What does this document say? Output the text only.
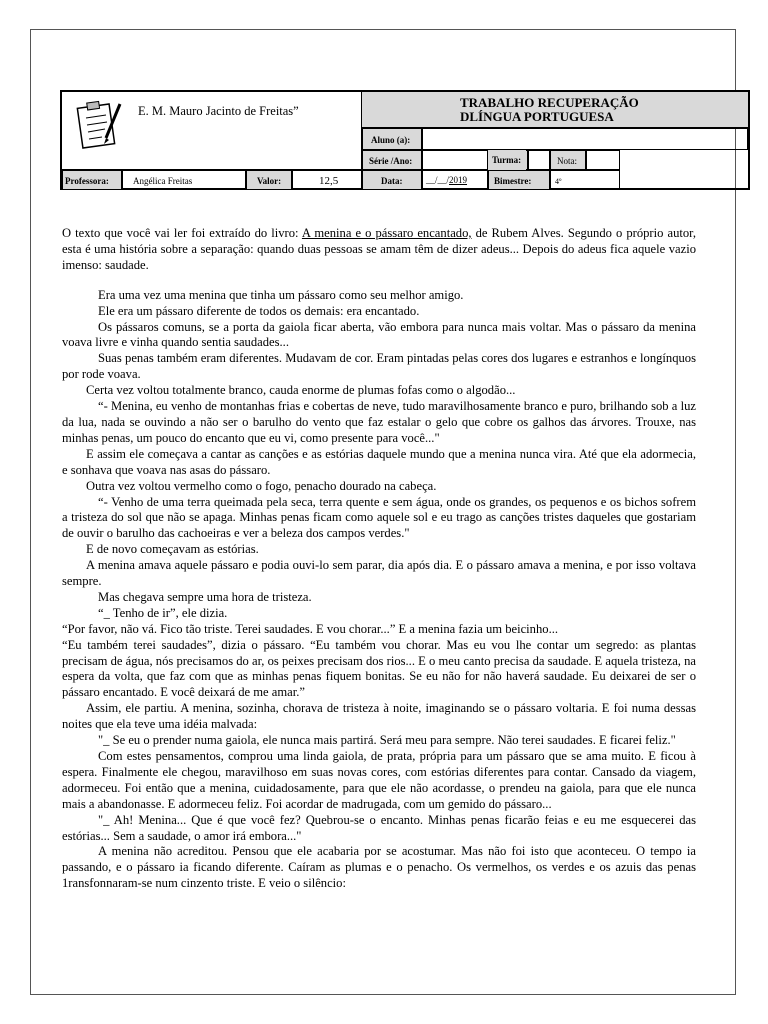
E. M. Mauro Jacinto de Freitas”
TRABALHO RECUPERAÇÃO
DLÍNGUA PORTUGUESA
Aluno (a):
Série /Ano:	Turma:	Nota:
Professora:	Angélica Freitas	Valor:	12,5	Data:	__/__/2019	Bimestre:	4º

O texto que você vai ler foi extraído do livro: A menina e o pássaro encantado, de Rubem Alves. Segundo o próprio autor, esta é uma história sobre a separação: quando duas pessoas se amam têm de dizer adeus... Depois do adeus fica aquele vazio imenso: saudade.

Era uma vez uma menina que tinha um pássaro como seu melhor amigo.

Ele era um pássaro diferente de todos os demais: era encantado.

Os pássaros comuns, se a porta da gaiola ficar aberta, vão embora para nunca mais voltar. Mas o pássaro da menina voava livre e vinha quando sentia saudades...

Suas penas também eram diferentes. Mudavam de cor. Eram pintadas pelas cores dos lugares e estranhos e longínquos por rode voava.

Certa vez voltou totalmente branco, cauda enorme de plumas fofas como o algodão...

“- Menina, eu venho de montanhas frias e cobertas de neve, tudo maravilhosamente branco e puro, brilhando sob a luz da lua, nada se ouvindo a não ser o barulho do vento que faz estalar o gelo que cobre os galhos das árvores. Trouxe, nas minhas penas, um pouco do encanto que eu vi, como presente para você..."

E assim ele começava a cantar as canções e as estórias daquele mundo que a menina nunca vira. Até que ela adormecia, e sonhava que voava nas asas do pássaro.

Outra vez voltou vermelho como o fogo, penacho dourado na cabeça.

“- Venho de uma terra queimada pela seca, terra quente e sem água, onde os grandes, os pequenos e os bichos sofrem a tristeza do sol que não se apaga. Minhas penas ficam como aquele sol e eu trago as canções tristes daqueles que gostariam de ouvir o barulho das cachoeiras e ver a beleza dos campos verdes."

E de novo começavam as estórias.

A menina amava aquele pássaro e podia ouvi-lo sem parar, dia após dia. E o pássaro amava a menina, e por isso voltava sempre.

Mas chegava sempre uma hora de tristeza.

“_ Tenho de ir”, ele dizia.

“Por favor, não vá. Fico tão triste. Terei saudades. E vou chorar...” E a menina fazia um beicinho...

“Eu também terei saudades”, dizia o pássaro. “Eu também vou chorar. Mas eu vou lhe contar um segredo: as plantas precisam de água, nós precisamos do ar, os peixes precisam dos rios... E o meu canto precisa da saudade. E aquela tristeza, na espera da volta, que faz com que as minhas penas fiquem bonitas. Se eu não for não haverá saudade. Eu deixarei de ser o pássaro encantado. E você deixará de me amar.”

Assim, ele partiu. A menina, sozinha, chorava de tristeza à noite, imaginando se o pássaro voltaria. E foi numa dessas noites que ela teve uma idéia malvada:

"_ Se eu o prender numa gaiola, ele nunca mais partirá. Será meu para sempre. Não terei saudades. E ficarei feliz."

Com estes pensamentos, comprou uma linda gaiola, de prata, própria para um pássaro que se ama muito. E ficou à espera. Finalmente ele chegou, maravilhoso em suas novas cores, com estórias diferentes para contar. Cansado da viagem, adormeceu. Foi então que a menina, cuidadosamente, para que ele não acordasse, o prendeu na gaiola, para que ele nunca mais a abandonasse. E adormeceu feliz. Foi acordar de madrugada, com um gemido do pássaro...

"_ Ah! Menina... Que é que você fez? Quebrou-se o encanto. Minhas penas ficarão feias e eu me esquecerei das estórias... Sem a saudade, o amor irá embora..."

A menina não acreditou. Pensou que ele acabaria por se acostumar. Mas não foi isto que aconteceu. O tempo ia passando, e o pássaro ia ficando diferente. Caíram as plumas e o penacho. Os vermelhos, os verdes e os azuis das penas 1ransfonnaram-se num cinzento triste. E veio o silêncio:
